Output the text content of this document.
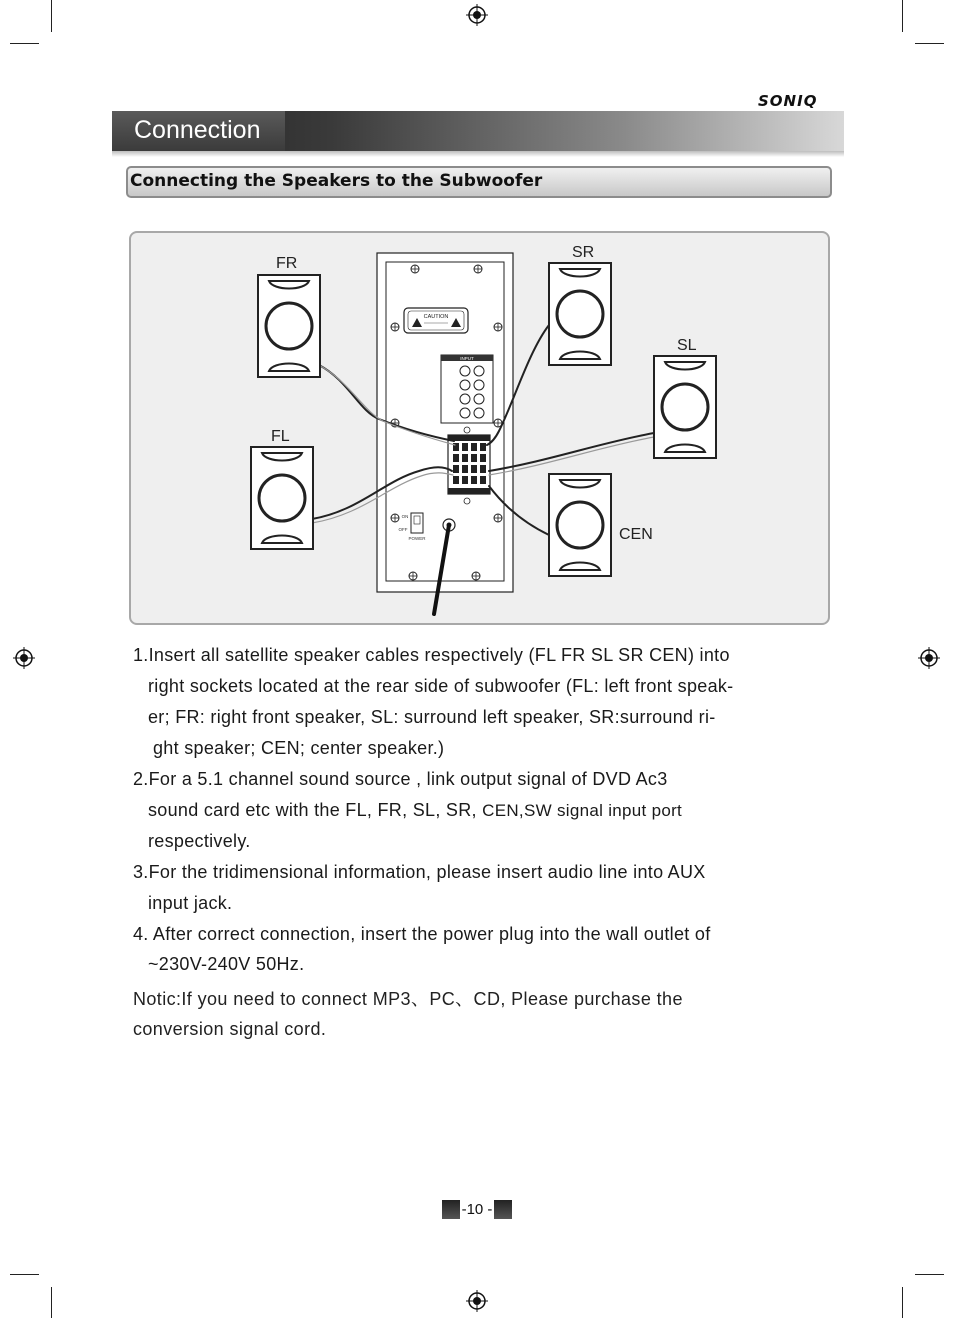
SONIQ
Connection
Connecting the Speakers to the Subwoofer
CAUTION
INPUT
ON
OFF
POWER
FR
FL
SR
SL
CEN

1.Insert all satellite speaker cables respectively (FL FR SL SR CEN) into

right sockets located at the rear side of subwoofer (FL: left front speak-

er; FR: right front speaker, SL: surround left speaker, SR:surround ri-

ght speaker; CEN; center speaker.)

2.For a 5.1 channel sound source , link output signal of DVD Ac3

sound card etc with the FL, FR, SL, SR, CEN,SW signal input port

respectively.

3.For the tridimensional information, please insert audio line into AUX

input jack.

4. After correct connection, insert the power plug into the wall outlet of

~230V-240V 50Hz.

Notic:If you need to connect MP3、PC、CD, Please purchase the
conversion signal cord.
-10 -
